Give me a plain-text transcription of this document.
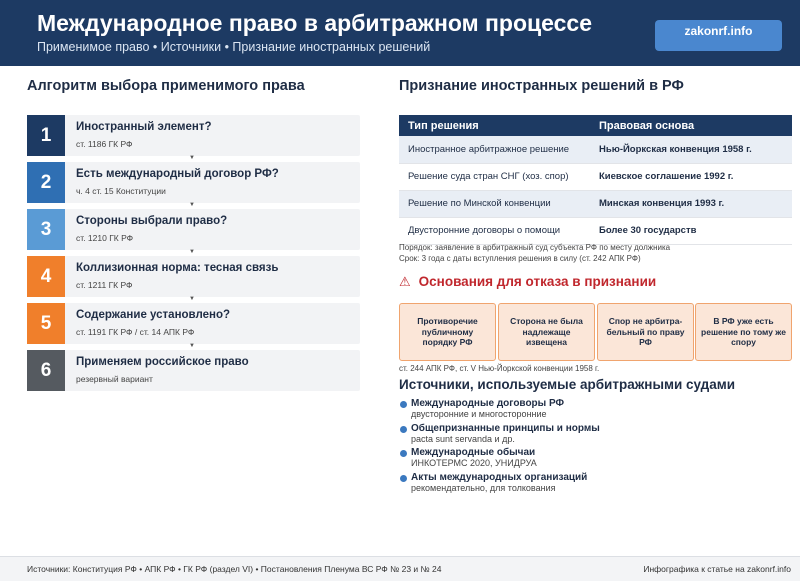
Международное право в арбитражном процессе
Применимое право • Источники • Признание иностранных решений
zakonrf.info
Алгоритм выбора применимого права
1	Иностранный элемент?
ст. 1186 ГК РФ
▼
2	Есть международный договор РФ?
ч. 4 ст. 15 Конституции
▼
3	Стороны выбрали право?
ст. 1210 ГК РФ
▼
4	Коллизионная норма: тесная связь
ст. 1211 ГК РФ
▼
5	Содержание установлено?
ст. 1191 ГК РФ / ст. 14 АПК РФ
▼
6	Применяем российское право
резервный вариант
Признание иностранных решений в РФ
Тип решения	Правовая основа
Иностранное арбитражное решение	Нью-Йоркская конвенция 1958 г.
Решение суда стран СНГ (хоз. спор)	Киевское соглашение 1992 г.
Решение по Минской конвенции	Минская конвенция 1993 г.
Двусторонние договоры о помощи	Более 30 государств
Порядок: заявление в арбитражный суд субъекта РФ по месту должника
Срок: 3 года с даты вступления решения в силу (ст. 242 АПК РФ)
⚠ Основания для отказа в признании
Противоречие публичному порядку РФ
Сторона не была надлежаще извещена
Спор не арбитра-бельный по праву РФ
В РФ уже есть решение по тому же спору
ст. 244 АПК РФ, ст. V Нью-Йоркской конвенции 1958 г.
Источники, используемые арбитражными судами
Международные договоры РФ
двусторонние и многосторонние
Общепризнанные принципы и нормы
pacta sunt servanda и др.
Международные обычаи
ИНКОТЕРМС 2020, УНИДРУА
Акты международных организаций
рекомендательно, для толкования
Источники: Конституция РФ • АПК РФ • ГК РФ (раздел VI) • Постановления Пленума ВС РФ № 23 и № 24	Инфографика к статье на zakonrf.info
